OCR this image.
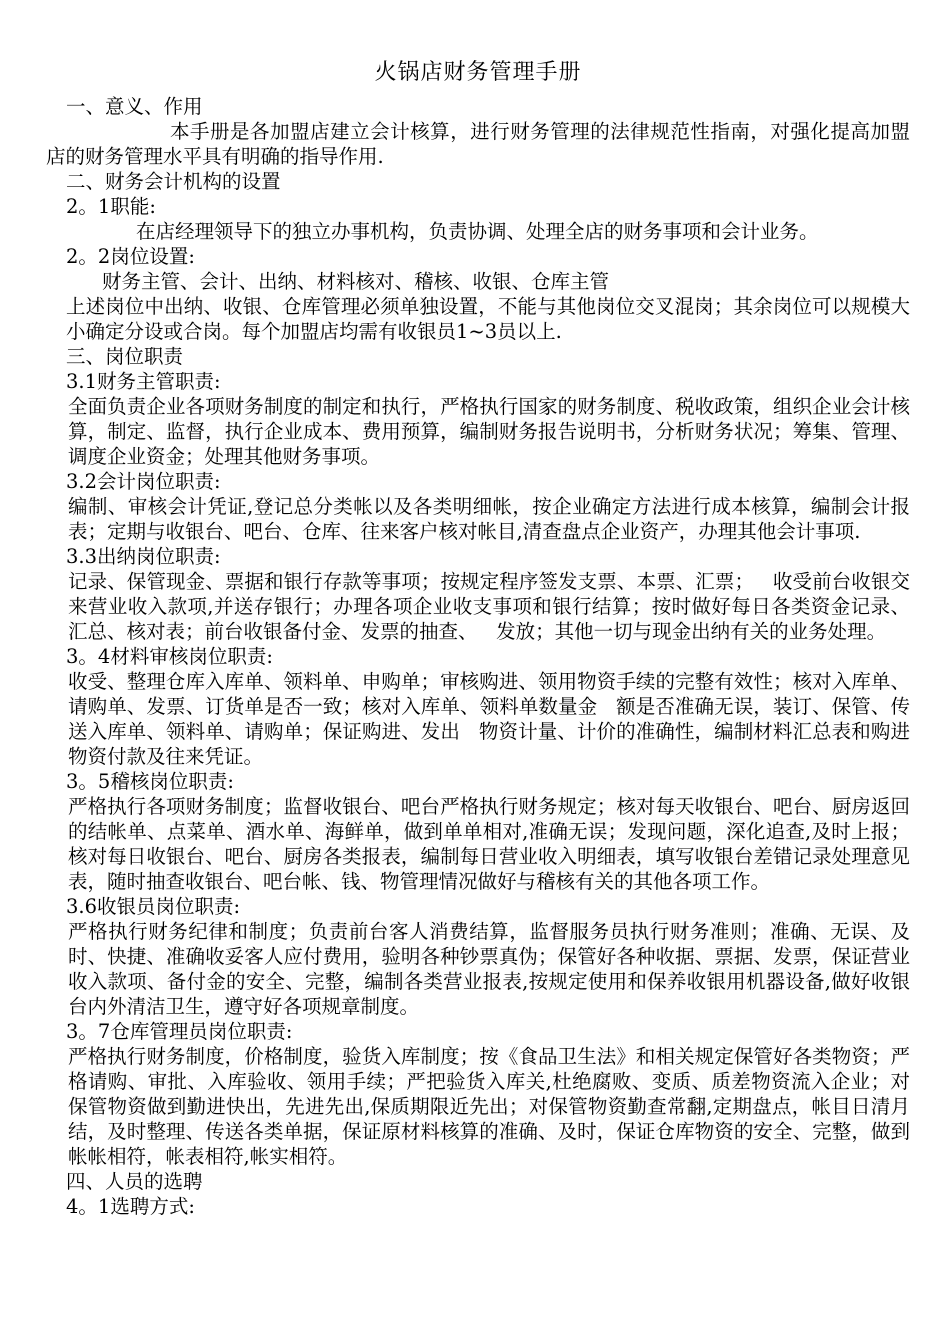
火锅店财务管理手册

一、意义、作用

本手册是各加盟店建立会计核算，进行财务管理的法律规范性指南，对强化提高加盟店的财务管理水平具有明确的指导作用.

二、财务会计机构的设置

2。1职能:

在店经理领导下的独立办事机构，负责协调、处理全店的财务事项和会计业务。

2。2岗位设置:

财务主管、会计、出纳、材料核对、稽核、收银、仓库主管

上述岗位中出纳、收银、仓库管理必须单独设置，不能与其他岗位交叉混岗；其余岗位可以规模大小确定分设或合岗。每个加盟店均需有收银员1~3员以上.

三、岗位职责

3.1财务主管职责:

全面负责企业各项财务制度的制定和执行，严格执行国家的财务制度、税收政策，组织企业会计核算，制定、监督，执行企业成本、费用预算，编制财务报告说明书，分析财务状况；筹集、管理、调度企业资金；处理其他财务事项。

3.2会计岗位职责:

编制、审核会计凭证,登记总分类帐以及各类明细帐，按企业确定方法进行成本核算，编制会计报表；定期与收银台、吧台、仓库、往来客户核对帐目,清查盘点企业资产，办理其他会计事项.

3.3出纳岗位职责:

记录、保管现金、票据和银行存款等事项；按规定程序签发支票、本票、汇票；   收受前台收银交来营业收入款项,并送存银行；办理各项企业收支事项和银行结算；按时做好每日各类资金记录、汇总、核对表；前台收银备付金、发票的抽查、   发放；其他一切与现金出纳有关的业务处理。

3。4材料审核岗位职责:

收受、整理仓库入库单、领料单、申购单；审核购进、领用物资手续的完整有效性；核对入库单、请购单、发票、订货单是否一致；核对入库单、领料单数量金   额是否准确无误，装订、保管、传送入库单、领料单、请购单；保证购进、发出   物资计量、计价的准确性，编制材料汇总表和购进物资付款及往来凭证。

3。5稽核岗位职责:

严格执行各项财务制度；监督收银台、吧台严格执行财务规定；核对每天收银台、吧台、厨房返回的结帐单、点菜单、酒水单、海鲜单，做到单单相对,准确无误；发现问题，深化追查,及时上报；核对每日收银台、吧台、厨房各类报表，编制每日营业收入明细表，填写收银台差错记录处理意见表，随时抽查收银台、吧台帐、钱、物管理情况做好与稽核有关的其他各项工作。

3.6收银员岗位职责:

严格执行财务纪律和制度；负责前台客人消费结算，监督服务员执行财务准则；准确、无误、及时、快捷、准确收妥客人应付费用，验明各种钞票真伪；保管好各种收据、票据、发票，保证营业收入款项、备付金的安全、完整，编制各类营业报表,按规定使用和保养收银用机器设备,做好收银台内外清洁卫生，遵守好各项规章制度。

3。7仓库管理员岗位职责:

严格执行财务制度，价格制度，验货入库制度；按《食品卫生法》和相关规定保管好各类物资；严格请购、审批、入库验收、领用手续；严把验货入库关,杜绝腐败、变质、质差物资流入企业；对保管物资做到勤进快出，先进先出,保质期限近先出；对保管物资勤查常翻,定期盘点，帐目日清月结，及时整理、传送各类单据，保证原材料核算的准确、及时，保证仓库物资的安全、完整，做到帐帐相符，帐表相符,帐实相符。

四、人员的选聘

4。1选聘方式:
